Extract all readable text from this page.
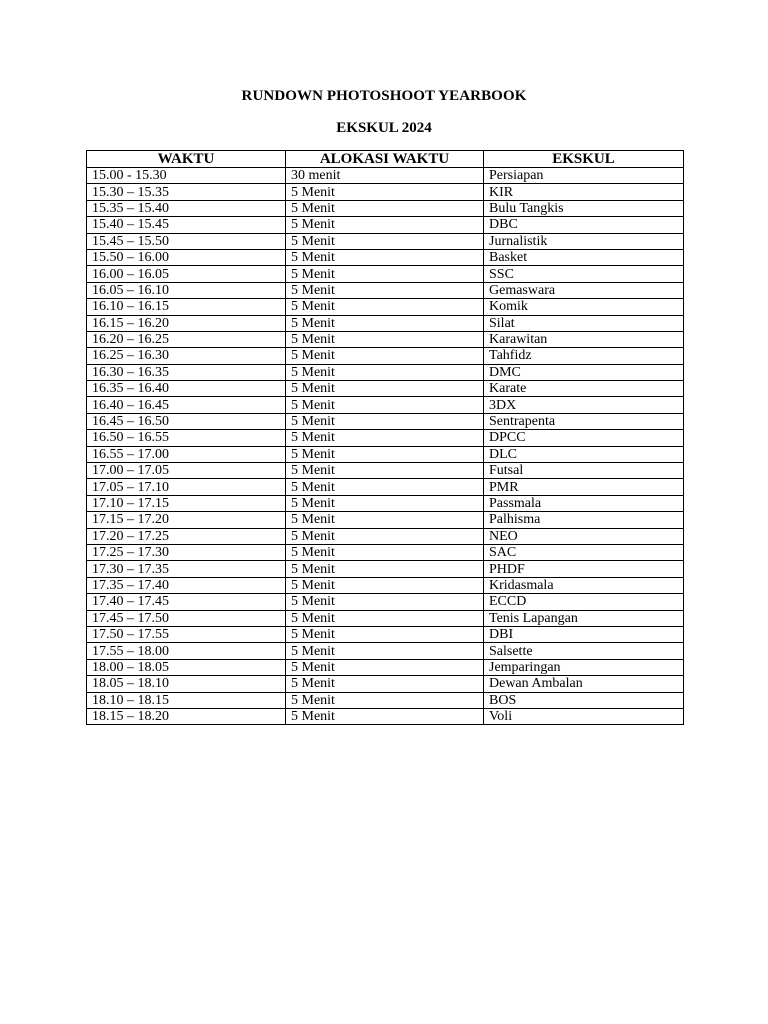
RUNDOWN PHOTOSHOOT YEARBOOK
EKSKUL 2024
WAKTU	ALOKASI WAKTU	EKSKUL
15.00 - 15.30	30 menit	Persiapan
15.30 – 15.35	5 Menit	KIR
15.35 – 15.40	5 Menit	Bulu Tangkis
15.40 – 15.45	5 Menit	DBC
15.45 – 15.50	5 Menit	Jurnalistik
15.50 – 16.00	5 Menit	Basket
16.00 – 16.05	5 Menit	SSC
16.05 – 16.10	5 Menit	Gemaswara
16.10 – 16.15	5 Menit	Komik
16.15 – 16.20	5 Menit	Silat
16.20 – 16.25	5 Menit	Karawitan
16.25 – 16.30	5 Menit	Tahfidz
16.30 – 16.35	5 Menit	DMC
16.35 – 16.40	5 Menit	Karate
16.40 – 16.45	5 Menit	3DX
16.45 – 16.50	5 Menit	Sentrapenta
16.50 – 16.55	5 Menit	DPCC
16.55 – 17.00	5 Menit	DLC
17.00 – 17.05	5 Menit	Futsal
17.05 – 17.10	5 Menit	PMR
17.10 – 17.15	5 Menit	Passmala
17.15 – 17.20	5 Menit	Palhisma
17.20 – 17.25	5 Menit	NEO
17.25 – 17.30	5 Menit	SAC
17.30 – 17.35	5 Menit	PHDF
17.35 – 17.40	5 Menit	Kridasmala
17.40 – 17.45	5 Menit	ECCD
17.45 – 17.50	5 Menit	Tenis Lapangan
17.50 – 17.55	5 Menit	DBI
17.55 – 18.00	5 Menit	Salsette
18.00 – 18.05	5 Menit	Jemparingan
18.05 – 18.10	5 Menit	Dewan Ambalan
18.10 – 18.15	5 Menit	BOS
18.15 – 18.20	5 Menit	Voli
